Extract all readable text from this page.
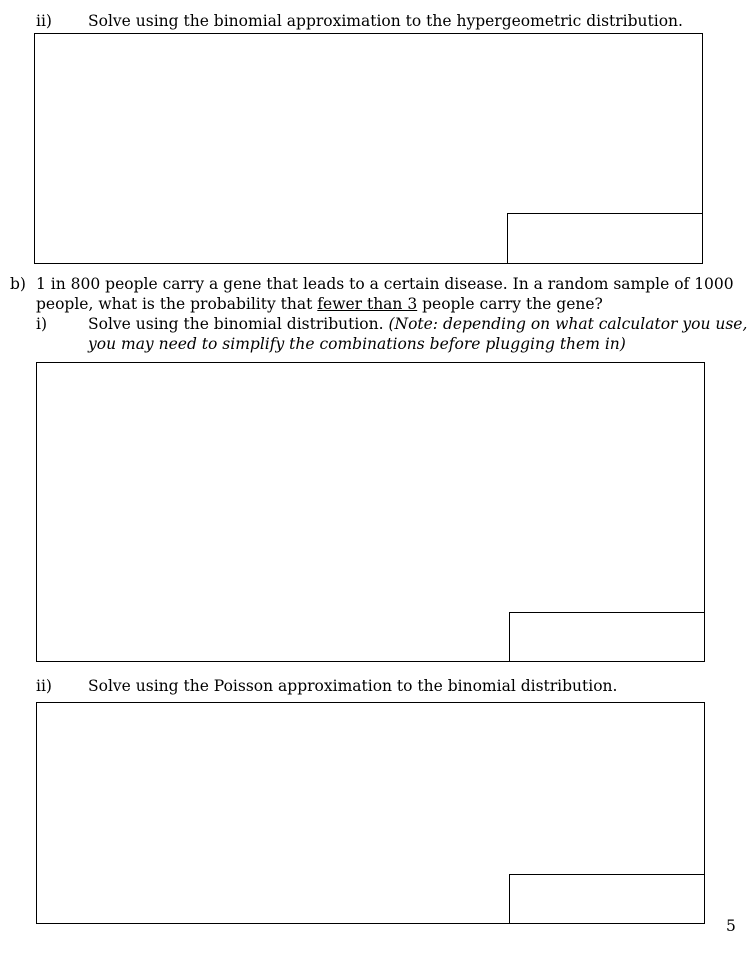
ii) Solve using the binomial approximation to the hypergeometric distribution.
b) 1 in 800 people carry a gene that leads to a certain disease. In a random sample of 1000
people, what is the probability that fewer than 3 people carry the gene?
i)	Solve using the binomial distribution. (Note: depending on what calculator you use,
you may need to simplify the combinations before plugging them in)
ii) Solve using the Poisson approximation to the binomial distribution.
5
